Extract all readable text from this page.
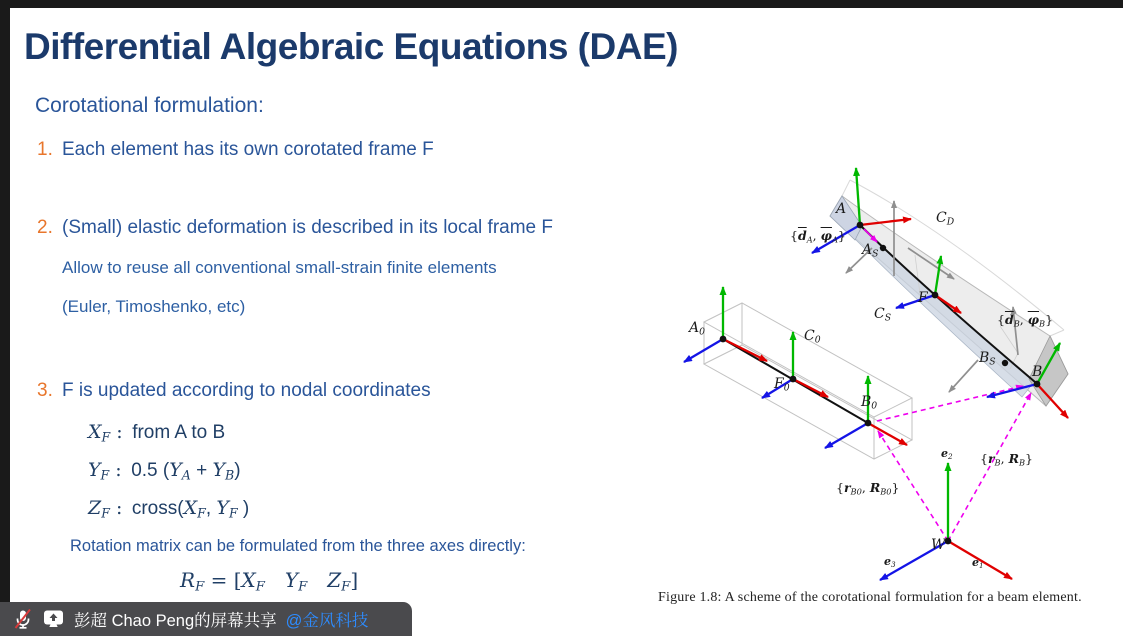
Differential Algebraic Equations (DAE)
Corotational formulation:
1. Each element has its own corotated frame F
2. (Small) elastic deformation is described in its local frame F
Allow to reuse all conventional small-strain finite elements
(Euler, Timoshenko, etc)
3. F is updated according to nodal coordinates
XF : from A to B
YF : 0.5 (YA + YB)
ZF : cross(XF, YF )
Rotation matrix can be formulated from the three axes directly:
RF = [XF  YF  ZF]
A
AS
F
BS
B
A0
F0
B0
C0
CS
CD
W
e1
e2
e3
{$\overline{d}A$, $\overline{\varphi}A$}
{$\overline{d}B$, $\overline{\varphi}B$}
{rB0, RB0}
{rB, RB}
Figure 1.8: A scheme of the corotational formulation for a beam element.
彭超 Chao Peng的屏幕共享 @金风科技
